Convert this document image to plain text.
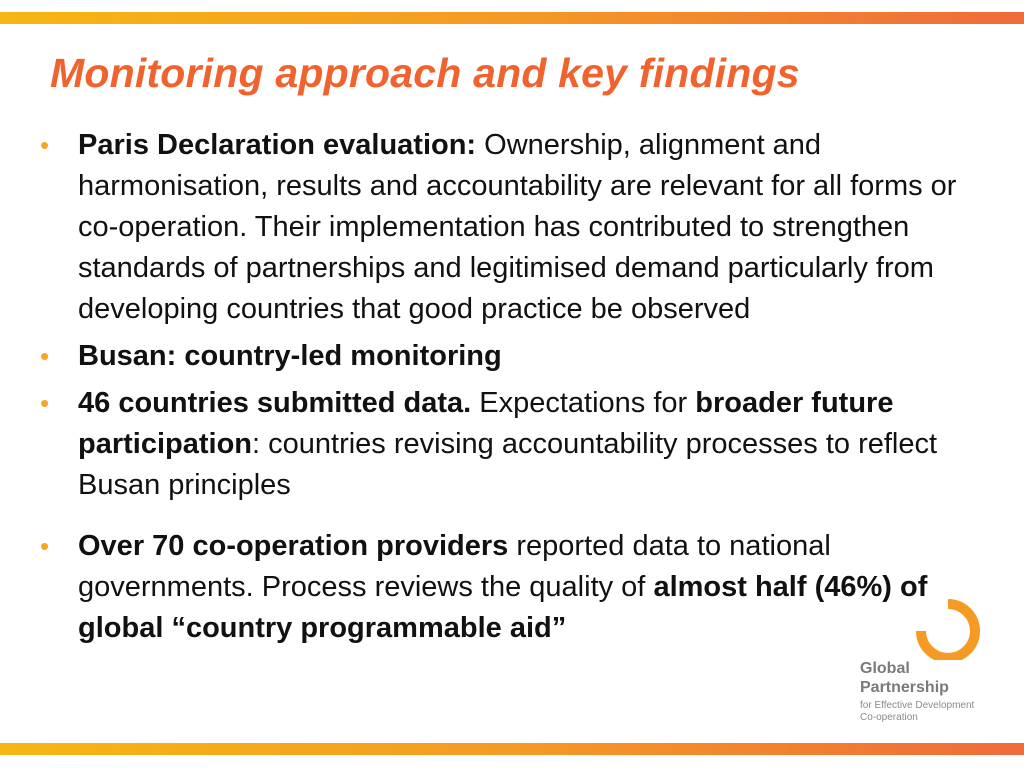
Monitoring approach and key findings
• Paris Declaration evaluation: Ownership, alignment and harmonisation, results and accountability are relevant for all forms or co-operation. Their implementation has contributed to strengthen standards of partnerships and legitimised demand particularly from developing countries that good practice be observed
• Busan: country-led monitoring
• 46 countries submitted data. Expectations for broader future participation: countries revising accountability processes to reflect Busan principles
• Over 70 co-operation providers reported data to national governments. Process reviews the quality of almost half (46%) of global “country programmable aid”
Global
Partnership
for Effective Development
Co-operation
